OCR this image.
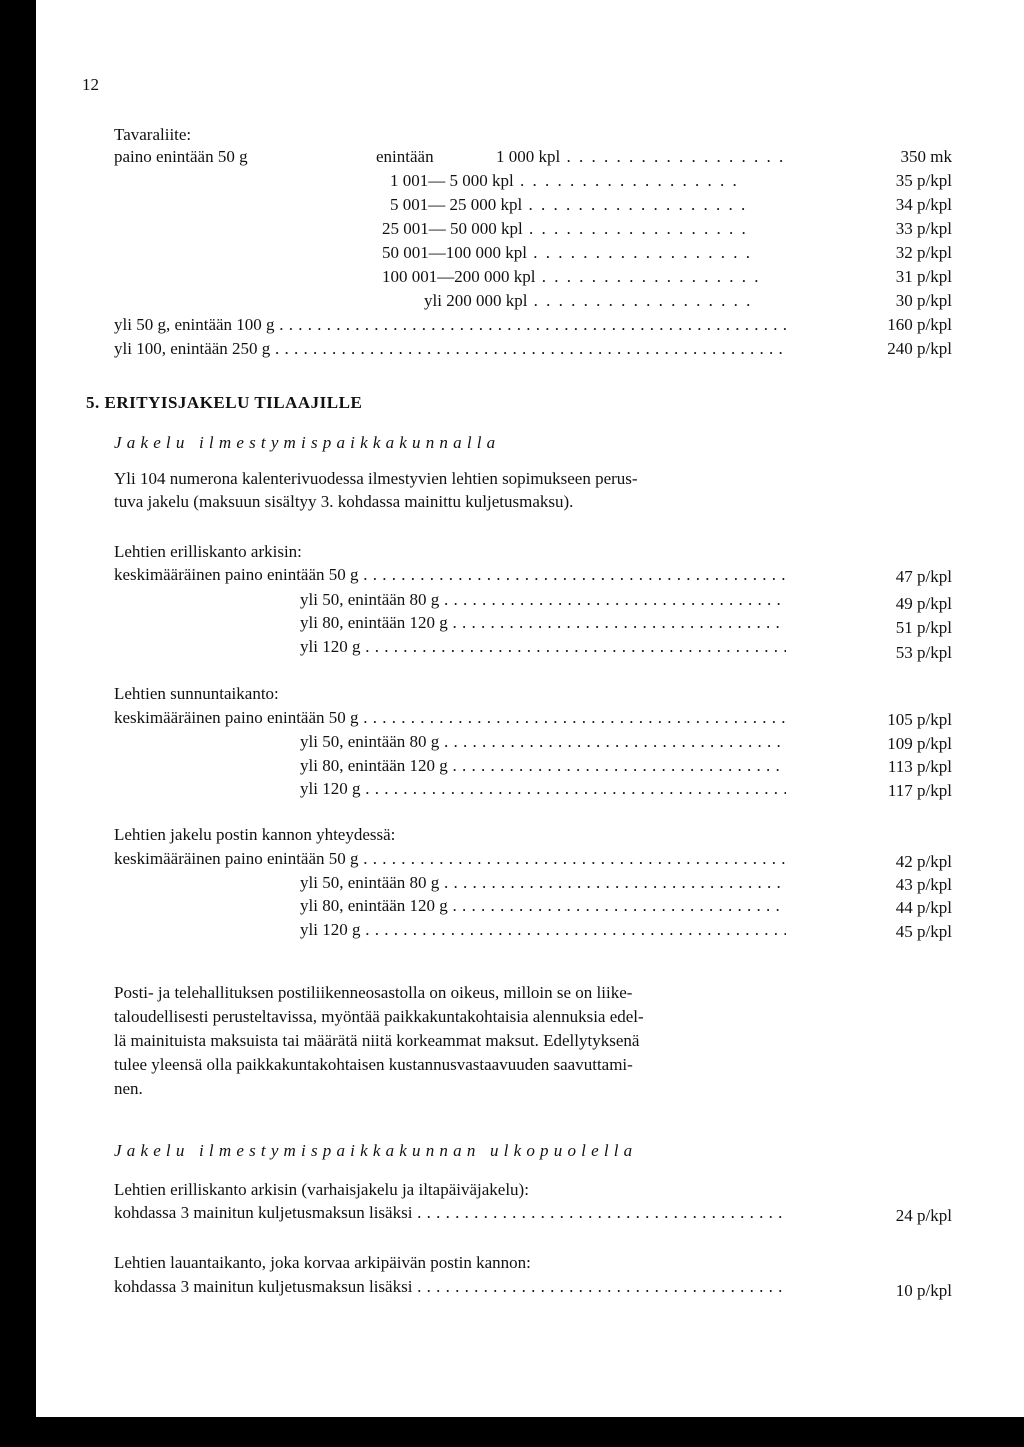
12
Tavaraliite:
paino enintään 50 g	enintään	1 000 kpl . . . . . . . . . . . . . . . . . .	350 mk
1 001— 5 000 kpl . . . . . . . . . . . . . . . . . .	35 p/kpl
5 001— 25 000 kpl . . . . . . . . . . . . . . . . . .	34 p/kpl
25 001— 50 000 kpl . . . . . . . . . . . . . . . . . .	33 p/kpl
50 001—100 000 kpl . . . . . . . . . . . . . . . . . .	32 p/kpl
100 001—200 000 kpl . . . . . . . . . . . . . . . . . .	31 p/kpl
yli 200 000 kpl . . . . . . . . . . . . . . . . . .	30 p/kpl
yli 50 g, enintään 100 g . . .	160 p/kpl
yli 100, enintään 250 g . . .	240 p/kpl
5. ERITYISJAKELU TILAAJILLE
Jakelu ilmestymispaikkakunnalla
Yli 104 numerona kalenterivuodessa ilmestyvien lehtien sopimukseen perus-
tuva jakelu (maksuun sisältyy 3. kohdassa mainittu kuljetusmaksu).
Lehtien erilliskanto arkisin:
keskimääräinen paino enintään 50 g . . .	47 p/kpl
yli 50, enintään 80 g . . .	49 p/kpl
yli 80, enintään 120 g . . .	51 p/kpl
yli 120 g . . .	53 p/kpl
Lehtien sunnuntaikanto:
keskimääräinen paino enintään 50 g . . .	105 p/kpl
yli 50, enintään 80 g . . .	109 p/kpl
yli 80, enintään 120 g . . .	113 p/kpl
yli 120 g . . .	117 p/kpl
Lehtien jakelu postin kannon yhteydessä:
keskimääräinen paino enintään 50 g . . .	42 p/kpl
yli 50, enintään 80 g . . .	43 p/kpl
yli 80, enintään 120 g . . .	44 p/kpl
yli 120 g . . .	45 p/kpl
Posti- ja telehallituksen postiliikenneosastolla on oikeus, milloin se on liike-
taloudellisesti perusteltavissa, myöntää paikkakuntakohtaisia alennuksia edel-
lä mainituista maksuista tai määrätä niitä korkeammat maksut. Edellytyksenä
tulee yleensä olla paikkakuntakohtaisen kustannusvastaavuuden saavuttami-
nen.
Jakelu ilmestymispaikkakunnan ulkopuolella
Lehtien erilliskanto arkisin (varhaisjakelu ja iltapäiväjakelu):
kohdassa 3 mainitun kuljetusmaksun lisäksi . . .	24 p/kpl
Lehtien lauantaikanto, joka korvaa arkipäivän postin kannon:
kohdassa 3 mainitun kuljetusmaksun lisäksi . . .	10 p/kpl
